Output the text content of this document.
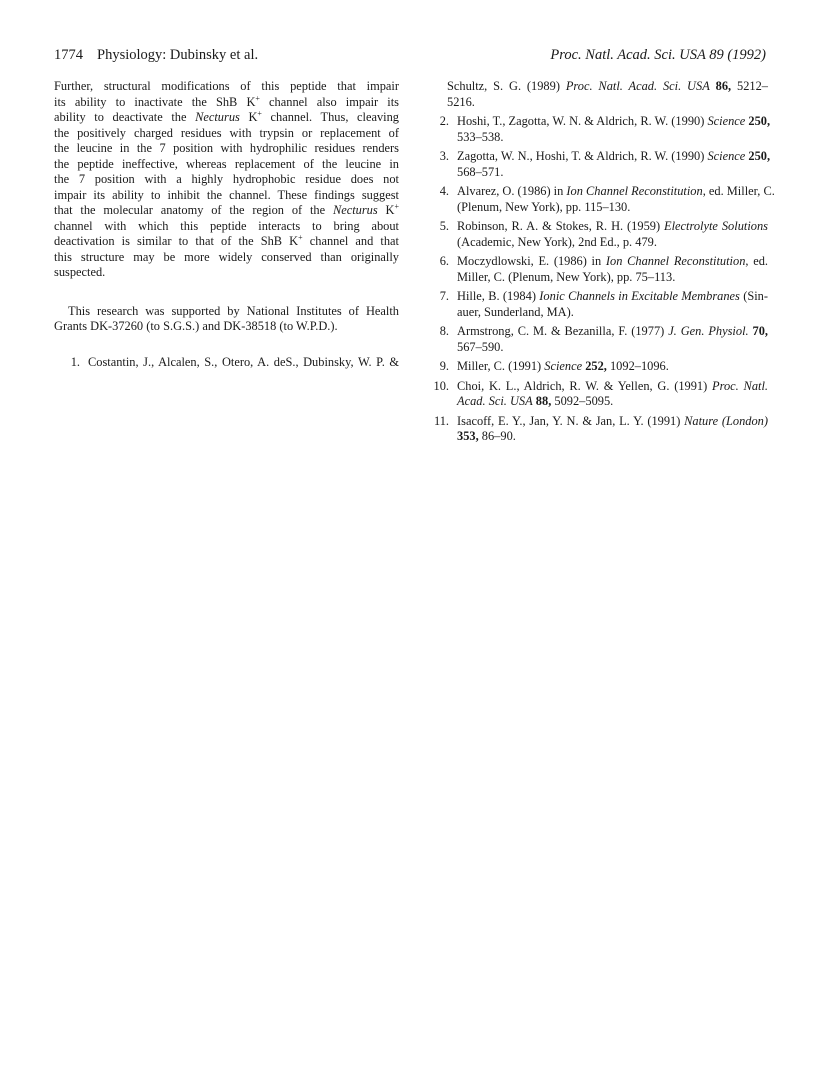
1774 Physiology: Dubinsky et al.	Proc. Natl. Acad. Sci. USA 89 (1992)
Further, structural modifications of this peptide that impair
its ability to inactivate the ShB K+ channel also impair its
ability to deactivate the Necturus K+ channel. Thus, cleaving
the positively charged residues with trypsin or replacement of
the leucine in the 7 position with hydrophilic residues renders
the peptide ineffective, whereas replacement of the leucine in
the 7 position with a highly hydrophobic residue does not
impair its ability to inhibit the channel. These findings suggest
that the molecular anatomy of the region of the Necturus K+
channel with which this peptide interacts to bring about
deactivation is similar to that of the ShB K+ channel and that
this structure may be more widely conserved than originally
suspected.
This research was supported by National Institutes of Health
Grants DK-37260 (to S.G.S.) and DK-38518 (to W.P.D.).
1. Costantin, J., Alcalen, S., Otero, A. deS., Dubinsky, W. P. &
Schultz, S. G. (1989) Proc. Natl. Acad. Sci. USA 86, 5212–
5216.
2. Hoshi, T., Zagotta, W. N. & Aldrich, R. W. (1990) Science 250,
533–538.
3. Zagotta, W. N., Hoshi, T. & Aldrich, R. W. (1990) Science 250,
568–571.
4. Alvarez, O. (1986) in Ion Channel Reconstitution, ed. Miller, C.
(Plenum, New York), pp. 115–130.
5. Robinson, R. A. & Stokes, R. H. (1959) Electrolyte Solutions
(Academic, New York), 2nd Ed., p. 479.
6. Moczydlowski, E. (1986) in Ion Channel Reconstitution, ed.
Miller, C. (Plenum, New York), pp. 75–113.
7. Hille, B. (1984) Ionic Channels in Excitable Membranes (Sin-
auer, Sunderland, MA).
8. Armstrong, C. M. & Bezanilla, F. (1977) J. Gen. Physiol. 70,
567–590.
9. Miller, C. (1991) Science 252, 1092–1096.
10. Choi, K. L., Aldrich, R. W. & Yellen, G. (1991) Proc. Natl.
Acad. Sci. USA 88, 5092–5095.
11. Isacoff, E. Y., Jan, Y. N. & Jan, L. Y. (1991) Nature (London)
353, 86–90.
